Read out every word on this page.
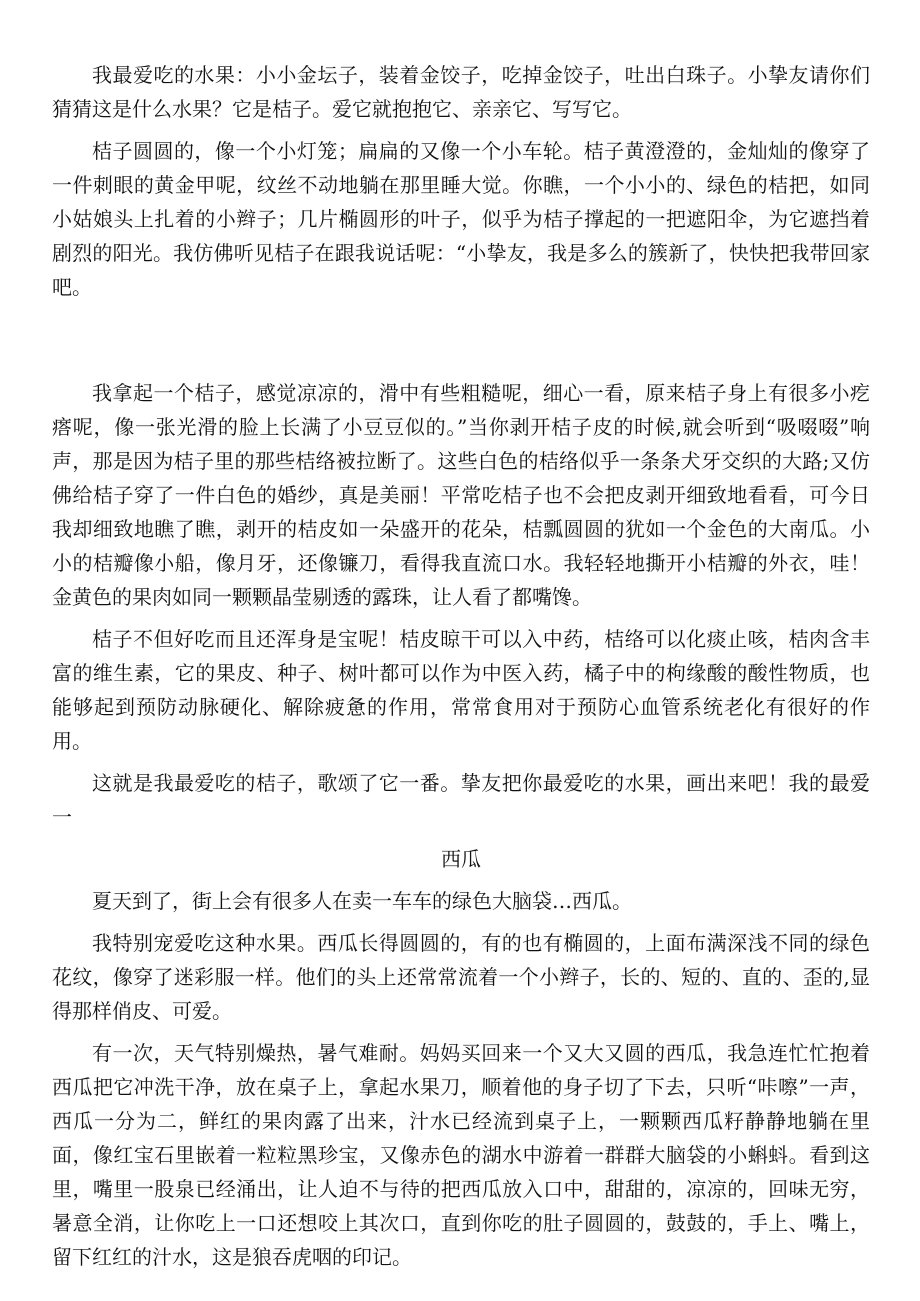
我最爱吃的水果：小小金坛子，装着金饺子，吃掉金饺子，吐出白珠子。小挚友请你们猜猜这是什么水果？它是桔子。爱它就抱抱它、亲亲它、写写它。

桔子圆圆的，像一个小灯笼；扁扁的又像一个小车轮。桔子黄澄澄的，金灿灿的像穿了一件刺眼的黄金甲呢，纹丝不动地躺在那里睡大觉。你瞧，一个小小的、绿色的桔把，如同小姑娘头上扎着的小辫子；几片椭圆形的叶子，似乎为桔子撑起的一把遮阳伞，为它遮挡着剧烈的阳光。我仿佛听见桔子在跟我说话呢：“小挚友，我是多么的簇新了，快快把我带回家吧。

我拿起一个桔子，感觉凉凉的，滑中有些粗糙呢，细心一看，原来桔子身上有很多小疙瘩呢，像一张光滑的脸上长满了小豆豆似的。”当你剥开桔子皮的时候,就会听到“吸啜啜”响声，那是因为桔子里的那些桔络被拉断了。这些白色的桔络似乎一条条犬牙交织的大路;又仿佛给桔子穿了一件白色的婚纱，真是美丽！平常吃桔子也不会把皮剥开细致地看看，可今日我却细致地瞧了瞧，剥开的桔皮如一朵盛开的花朵，桔瓢圆圆的犹如一个金色的大南瓜。小小的桔瓣像小船，像月牙，还像镰刀，看得我直流口水。我轻轻地撕开小桔瓣的外衣，哇！金黄色的果肉如同一颗颗晶莹剔透的露珠，让人看了都嘴馋。

桔子不但好吃而且还浑身是宝呢！桔皮晾干可以入中药，桔络可以化痰止咳，桔肉含丰富的维生素，它的果皮、种子、树叶都可以作为中医入药，橘子中的枸缘酸的酸性物质，也能够起到预防动脉硬化、解除疲惫的作用，常常食用对于预防心血管系统老化有很好的作用。

这就是我最爱吃的桔子，歌颂了它一番。挚友把你最爱吃的水果，画出来吧！我的最爱一

西瓜

夏天到了，街上会有很多人在卖一车车的绿色大脑袋…西瓜。

我特别宠爱吃这种水果。西瓜长得圆圆的，有的也有椭圆的，上面布满深浅不同的绿色花纹，像穿了迷彩服一样。他们的头上还常常流着一个小辫子，长的、短的、直的、歪的,显得那样俏皮、可爱。

有一次，天气特别燥热，暑气难耐。妈妈买回来一个又大又圆的西瓜，我急连忙忙抱着西瓜把它冲洗干净，放在桌子上，拿起水果刀，顺着他的身子切了下去，只听“咔嚓”一声，西瓜一分为二，鲜红的果肉露了出来，汁水已经流到桌子上，一颗颗西瓜籽静静地躺在里面，像红宝石里嵌着一粒粒黑珍宝，又像赤色的湖水中游着一群群大脑袋的小蝌蚪。看到这里，嘴里一股泉已经涌出，让人迫不与待的把西瓜放入口中，甜甜的，凉凉的，回味无穷，暑意全消，让你吃上一口还想咬上其次口，直到你吃的肚子圆圆的，鼓鼓的，手上、嘴上，留下红红的汁水，这是狼吞虎咽的印记。
